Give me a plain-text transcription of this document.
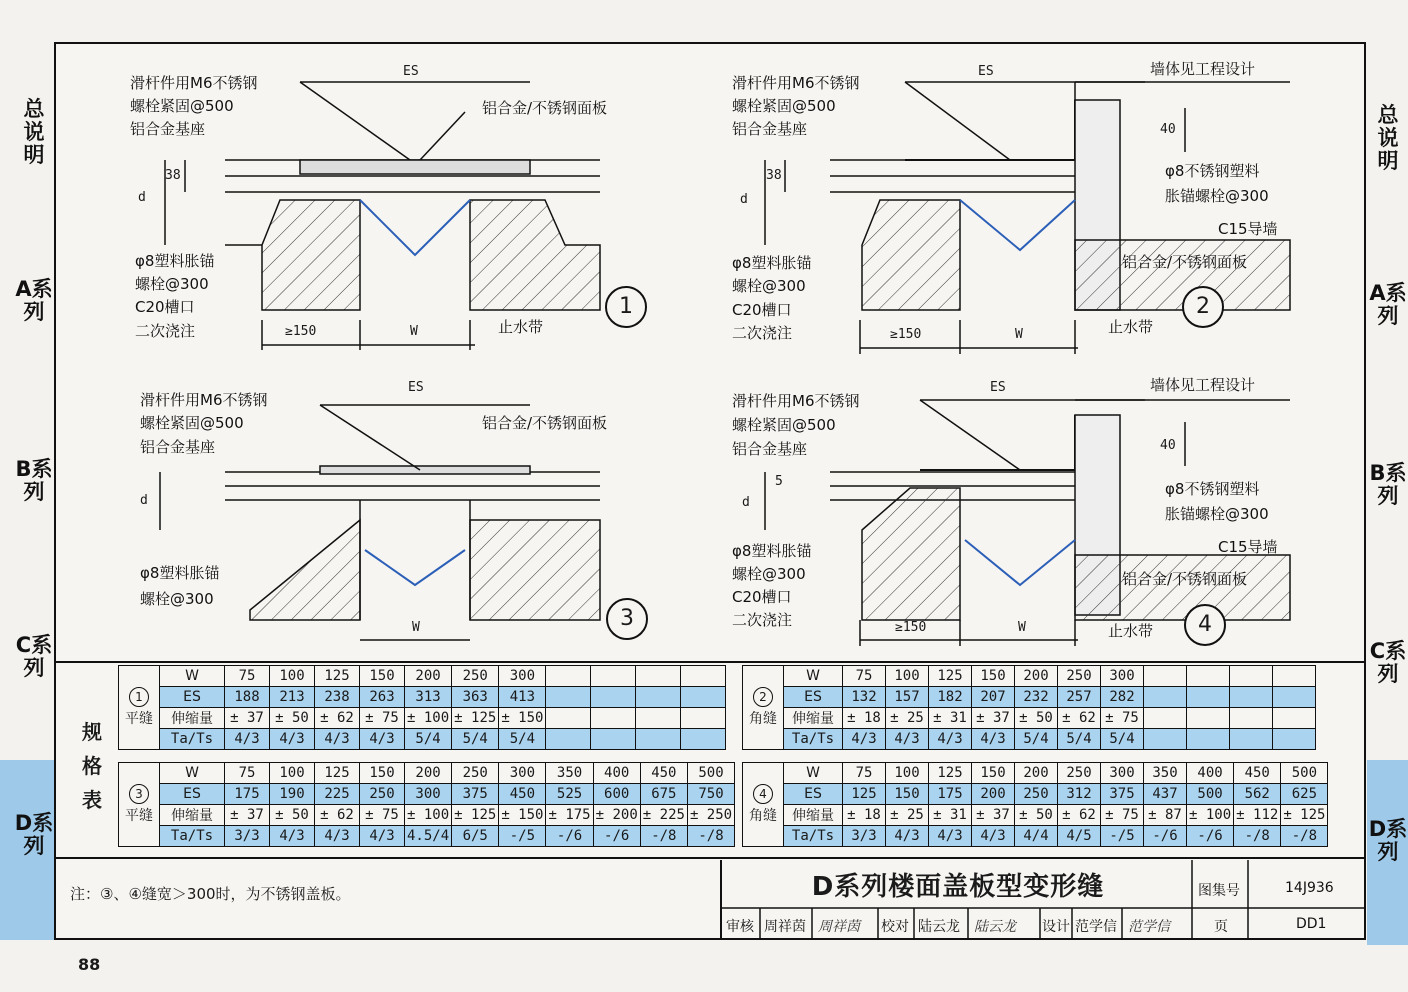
总说明
A系列
B系列
C系列
D系列
总说明
A系列
B系列
C系列
D系列
滑杆件用M6不锈钢
螺栓紧固@500
铝合金基座
ES
铝合金/不锈钢面板
38
d
φ8塑料胀锚
螺栓@300
C20槽口
二次浇注	≥150	W	止水带
1
滑杆件用M6不锈钢
螺栓紧固@500
铝合金基座
ES	墙体见工程设计
40
38
d
φ8不锈钢塑料
胀锚螺栓@300
C15导墙
铝合金/不锈钢面板
φ8塑料胀锚
螺栓@300
C20槽口
二次浇注	≥150	W	止水带
2
滑杆件用M6不锈钢
螺栓紧固@500
铝合金基座
ES
铝合金/不锈钢面板
d
φ8塑料胀锚
螺栓@300
W	3
滑杆件用M6不锈钢
螺栓紧固@500
铝合金基座
ES	墙体见工程设计
40
5
d
φ8不锈钢塑料
胀锚螺栓@300
C15导墙
铝合金/不锈钢面板
φ8塑料胀锚
螺栓@300
C20槽口
二次浇注	≥150	W	止水带	4
规格表
1
平缝	W	75	100	125	150	200	250	300				
	ES	188	213	238	263	313	363	413				
	伸缩量	± 37	± 50	± 62	± 75	± 100	± 125	± 150				
	Ta/Ts	4/3	4/3	4/3	4/3	5/4	5/4	5/4				
3
平缝	W	75	100	125	150	200	250	300	350	400	450	500
	ES	175	190	225	250	300	375	450	525	600	675	750
	伸缩量	± 37	± 50	± 62	± 75	± 100	± 125	± 150	± 175	± 200	± 225	± 250
	Ta/Ts	3/3	4/3	4/3	4/3	4.5/4	6/5	-/5	-/6	-/6	-/8	-/8
2
角缝	W	75	100	125	150	200	250	300				
	ES	132	157	182	207	232	257	282				
	伸缩量	± 18	± 25	± 31	± 37	± 50	± 62	± 75				
	Ta/Ts	4/3	4/3	4/3	4/3	5/4	5/4	5/4				
4
角缝	W	75	100	125	150	200	250	300	350	400	450	500
	ES	125	150	175	200	250	312	375	437	500	562	625
	伸缩量	± 18	± 25	± 31	± 37	± 50	± 62	± 75	± 87	± 100	± 112	± 125
	Ta/Ts	3/3	4/3	4/3	4/3	4/4	4/5	-/5	-/6	-/6	-/8	-/8
注：③、④缝宽＞300时，为不锈钢盖板。	D系列楼面盖板型变形缝	图集号	14J936
审核 周祥茵 周祥茵 校对 陆云龙 陆云龙 设计 范学信 范学信	页	DD1
88
